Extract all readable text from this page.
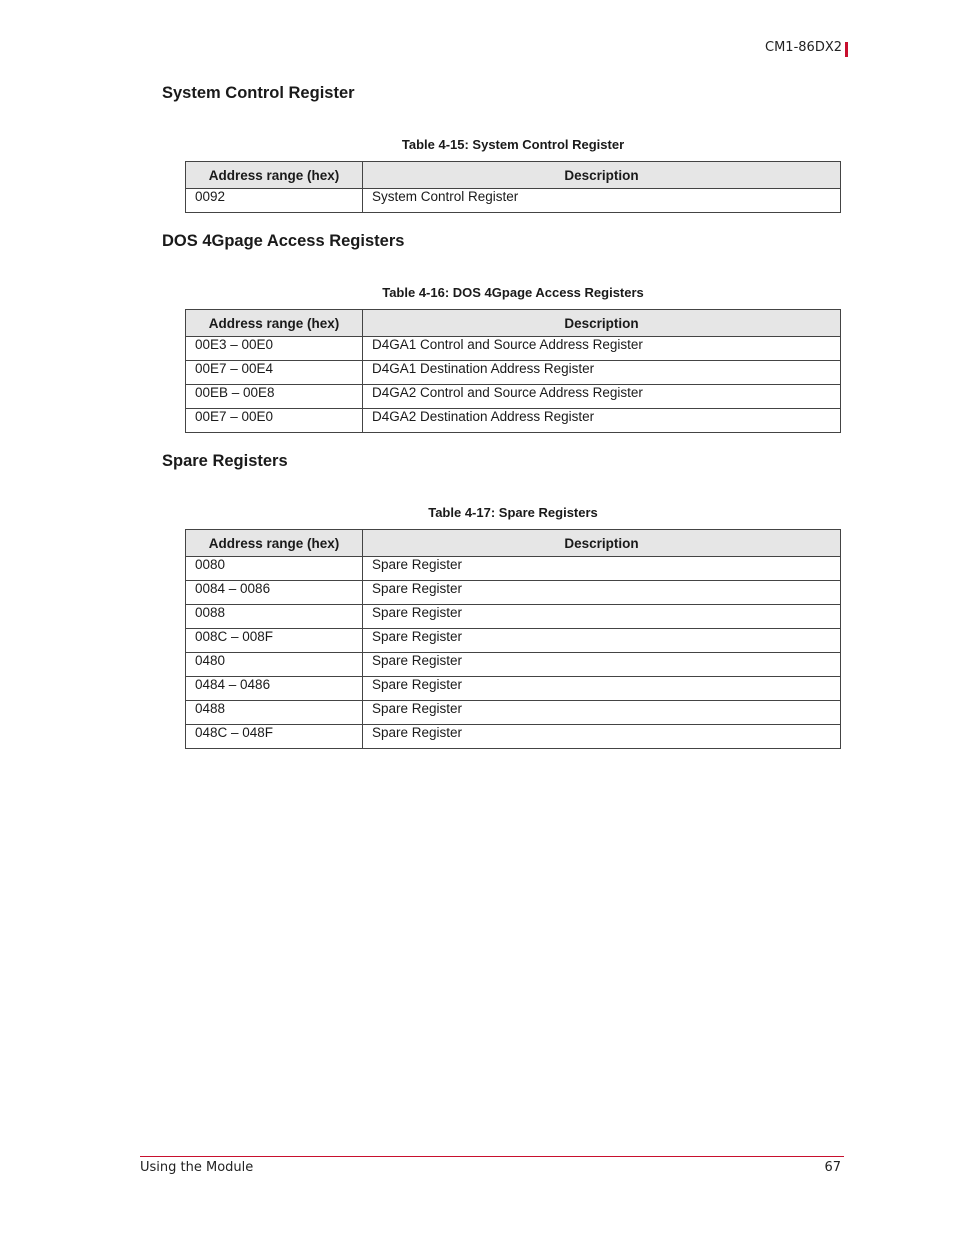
CM1-86DX2
System Control Register
Table 4-15: System Control Register
Address range (hex)	Description
0092	System Control Register
DOS 4Gpage Access Registers
Table 4-16: DOS 4Gpage Access Registers
Address range (hex)	Description
00E3 – 00E0	D4GA1 Control and Source Address Register
00E7 – 00E4	D4GA1 Destination Address Register
00EB – 00E8	D4GA2 Control and Source Address Register
00E7 – 00E0	D4GA2 Destination Address Register
Spare Registers
Table 4-17: Spare Registers
Address range (hex)	Description
0080	Spare Register
0084 – 0086	Spare Register
0088	Spare Register
008C – 008F	Spare Register
0480	Spare Register
0484 – 0486	Spare Register
0488	Spare Register
048C – 048F	Spare Register
Using the Module	67
